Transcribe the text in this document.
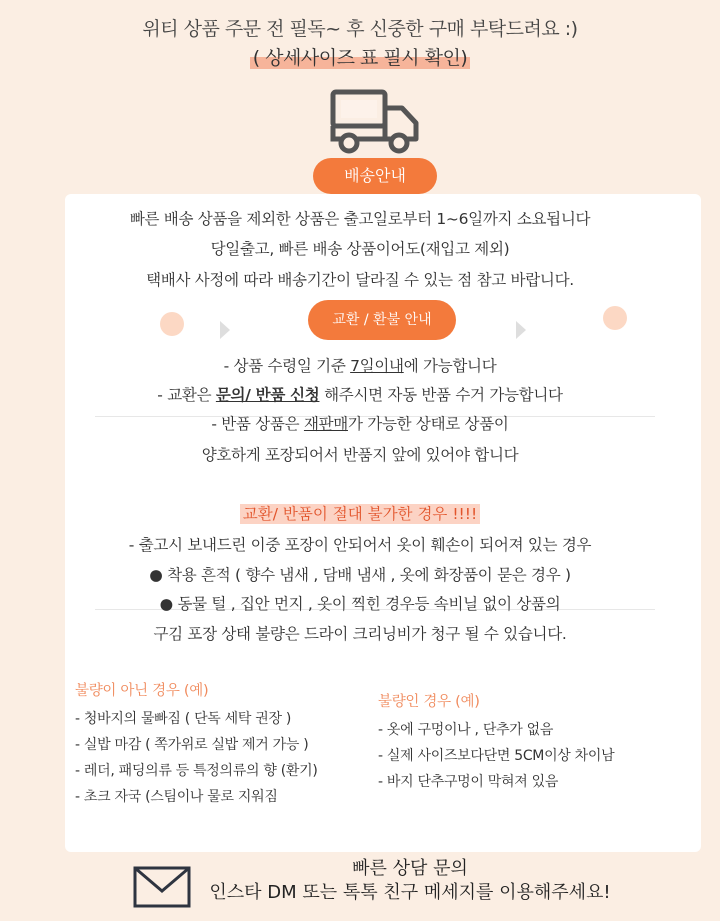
위티 상품 주문 전 필독~ 후 신중한 구매 부탁드려요 :)
( 상세사이즈 표 필시 확인)
배송안내
빠른 배송 상품을 제외한 상품은 출고일로부터 1~6일까지 소요됩니다
당일출고, 빠른 배송 상품이어도(재입고 제외)
택배사 사정에 따라 배송기간이 달라질 수 있는 점 참고 바랍니다.
교환 / 환불 안내
- 상품 수령일 기준 7일이내에 가능합니다
- 교환은 문의/ 반품 신청 해주시면 자동 반품 수거 가능합니다
- 반품 상품은 재판매가 가능한 상태로 상품이
양호하게 포장되어서 반품지 앞에 있어야 합니다
교환/ 반품이 절대 불가한 경우 !!!!
- 출고시 보내드린 이중 포장이 안되어서 옷이 훼손이 되어져 있는 경우
● 착용 흔적 ( 향수 냄새 , 담배 냄새 , 옷에 화장품이 묻은 경우 )
● 동물 털 , 집안 먼지 , 옷이 찍힌 경우등 속비닐 없이 상품의
구김 포장 상태 불량은 드라이 크리닝비가 청구 될 수 있습니다.
불량이 아닌 경우 (예)
- 청바지의 물빠짐 ( 단독 세탁 권장 )
- 실밥 마감 ( 쪽가위로 실밥 제거 가능 )
- 레더, 패딩의류 등 특정의류의 향 (환기)
- 초크 자국 (스팀이나 물로 지워짐
불량인 경우 (예)
- 옷에 구멍이나 , 단추가 없음
- 실제 사이즈보다단면 5CM이상 차이남
- 바지 단추구멍이 막혀져 있음
빠른 상담 문의
인스타 DM 또는 톡톡 친구 메세지를 이용해주세요!
